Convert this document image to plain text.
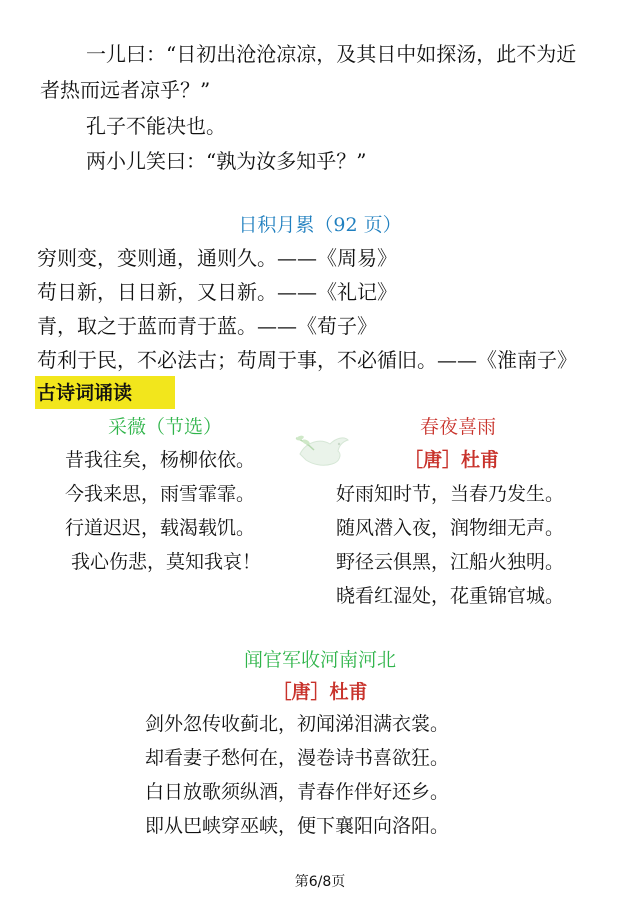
一儿曰：“日初出沧沧凉凉，及其日中如探汤，此不为近
者热而远者凉乎？”
孔子不能决也。
两小儿笑曰：“孰为汝多知乎？”
日积月累（92 页）
穷则变，变则通，通则久。——《周易》
苟日新，日日新，又日新。——《礼记》
青，取之于蓝而青于蓝。——《荀子》
苟利于民，不必法古；苟周于事，不必循旧。——《淮南子》
古诗词诵读
采薇（节选）
昔我往矣，杨柳依依。
今我来思，雨雪霏霏。
行道迟迟，载渴载饥。
我心伤悲，莫知我哀！
春夜喜雨
［唐］杜甫
好雨知时节，当春乃发生。
随风潜入夜，润物细无声。
野径云俱黑，江船火独明。
晓看红湿处，花重锦官城。
闻官军收河南河北
［唐］杜甫
剑外忽传收蓟北，初闻涕泪满衣裳。
却看妻子愁何在，漫卷诗书喜欲狂。
白日放歌须纵酒，青春作伴好还乡。
即从巴峡穿巫峡，便下襄阳向洛阳。
第6/8页
